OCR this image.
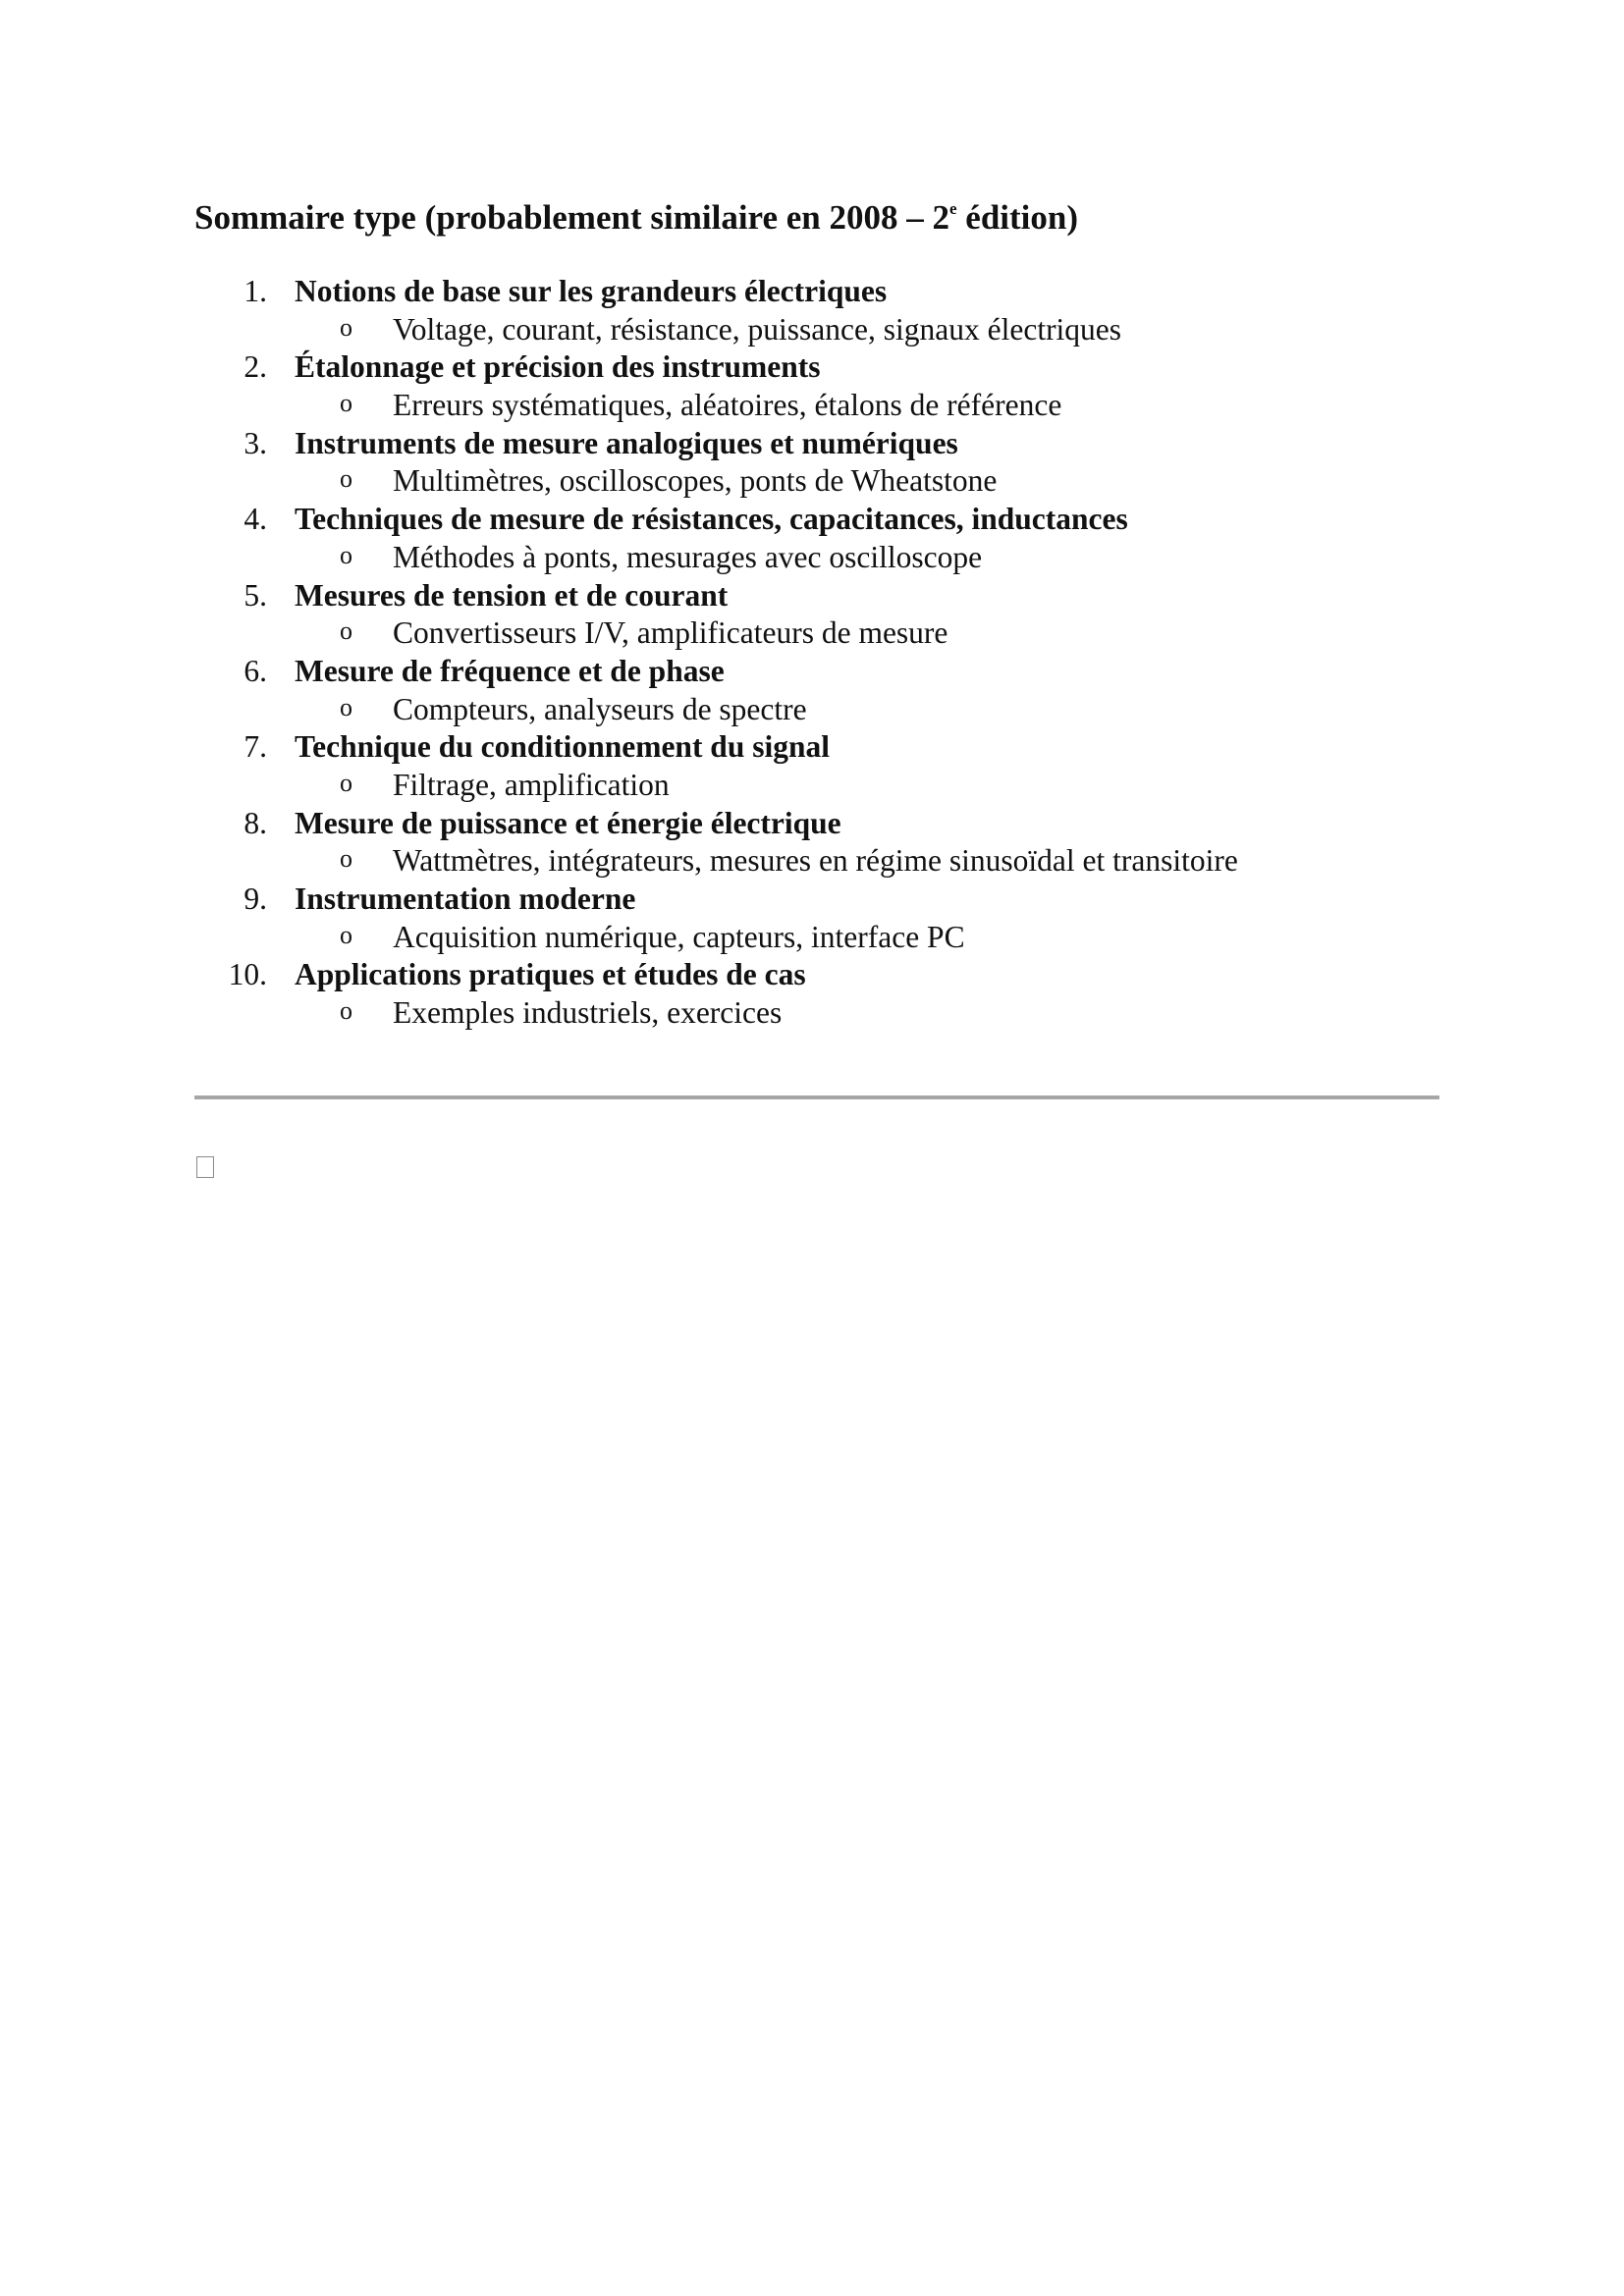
Sommaire type (probablement similaire en 2008 – 2e édition)
1. Notions de base sur les grandeurs électriques
o Voltage, courant, résistance, puissance, signaux électriques
2. Étalonnage et précision des instruments
o Erreurs systématiques, aléatoires, étalons de référence
3. Instruments de mesure analogiques et numériques
o Multimètres, oscilloscopes, ponts de Wheatstone
4. Techniques de mesure de résistances, capacitances, inductances
o Méthodes à ponts, mesurages avec oscilloscope
5. Mesures de tension et de courant
o Convertisseurs I/V, amplificateurs de mesure
6. Mesure de fréquence et de phase
o Compteurs, analyseurs de spectre
7. Technique du conditionnement du signal
o Filtrage, amplification
8. Mesure de puissance et énergie électrique
o Wattmètres, intégrateurs, mesures en régime sinusoïdal et transitoire
9. Instrumentation moderne
o Acquisition numérique, capteurs, interface PC
10. Applications pratiques et études de cas
o Exemples industriels, exercices
